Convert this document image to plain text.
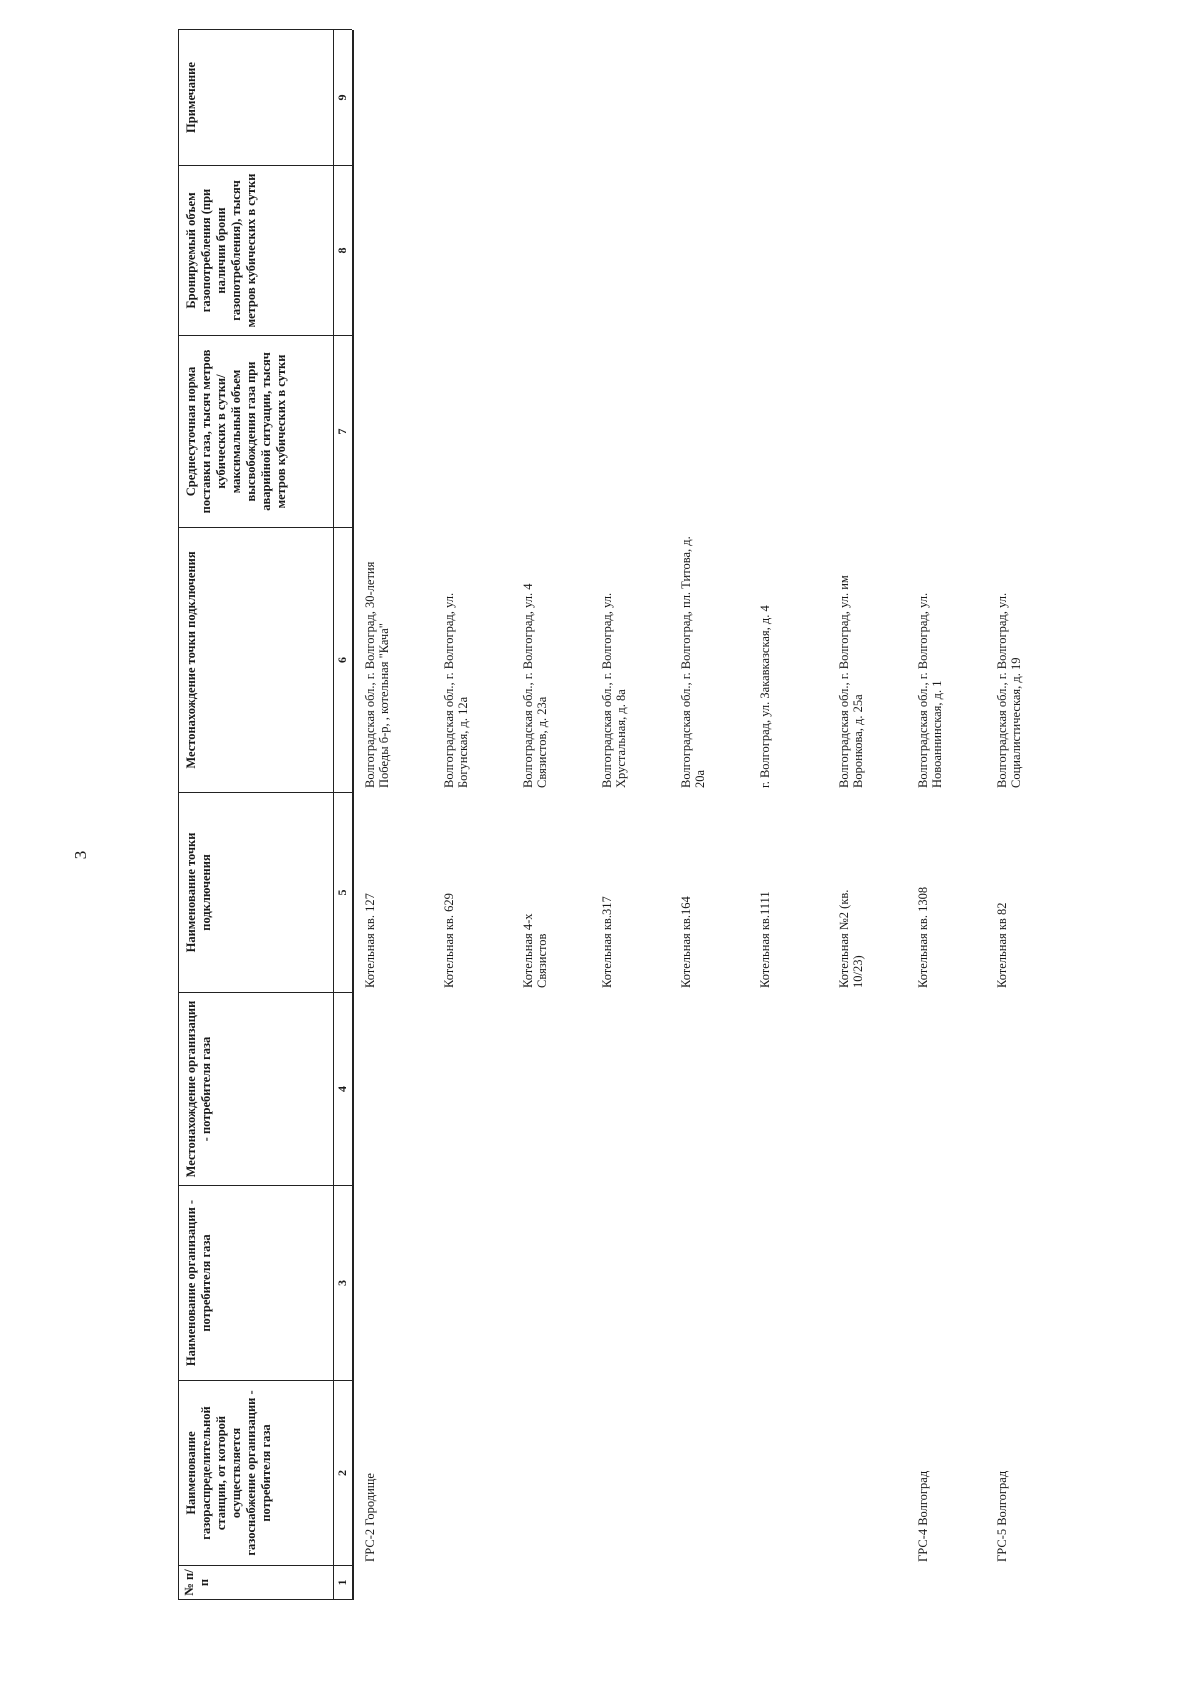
3
№ п/п
Наименование газораспределительной станции, от которой осуществляется газоснабжение организации - потребителя газа
Наименование организации - потребителя газа
Местонахождение организации - потребителя газа
Наименование точки подключения
Местонахождение точки подключения
Среднесуточная норма поставки газа, тысяч метров кубических в сутки/максимальный объем высвобождения газа при аварийной ситуации, тысяч метров кубических в сутки
Бронируемый объем газопотребления (при наличии брони газопотребления), тысяч метров кубических в сутки
Примечание
1
2
3
4
5
6
7
8
9
ГРС-2 Городище
Котельная кв. 127
Волгоградская обл., г. Волгоград, 30-летия Победы б-р, , котельная "Кача"
Котельная кв. 629
Волгоградская обл., г. Волгоград, ул. Богунская, д. 12а
Котельная 4-х Связистов
Волгоградская обл., г. Волгоград, ул. 4 Связистов, д. 23а
Котельная кв.317
Волгоградская обл., г. Волгоград, ул. Хрустальная, д. 8а
Котельная кв.164
Волгоградская обл., г. Волгоград, пл. Титова, д. 20а
Котельная кв.1111
г. Волгоград, ул. Закавказская, д. 4
Котельная №2 (кв. 10/23)
Волгоградская обл., г. Волгоград, ул. им Воронкова, д. 25а
ГРС-4 Волгоград
Котельная кв. 1308
Волгоградская обл., г. Волгоград, ул. Новоаннинская, д. 1
ГРС-5 Волгоград
Котельная кв 82
Волгоградская обл., г. Волгоград, ул. Социалистическая, д. 19
